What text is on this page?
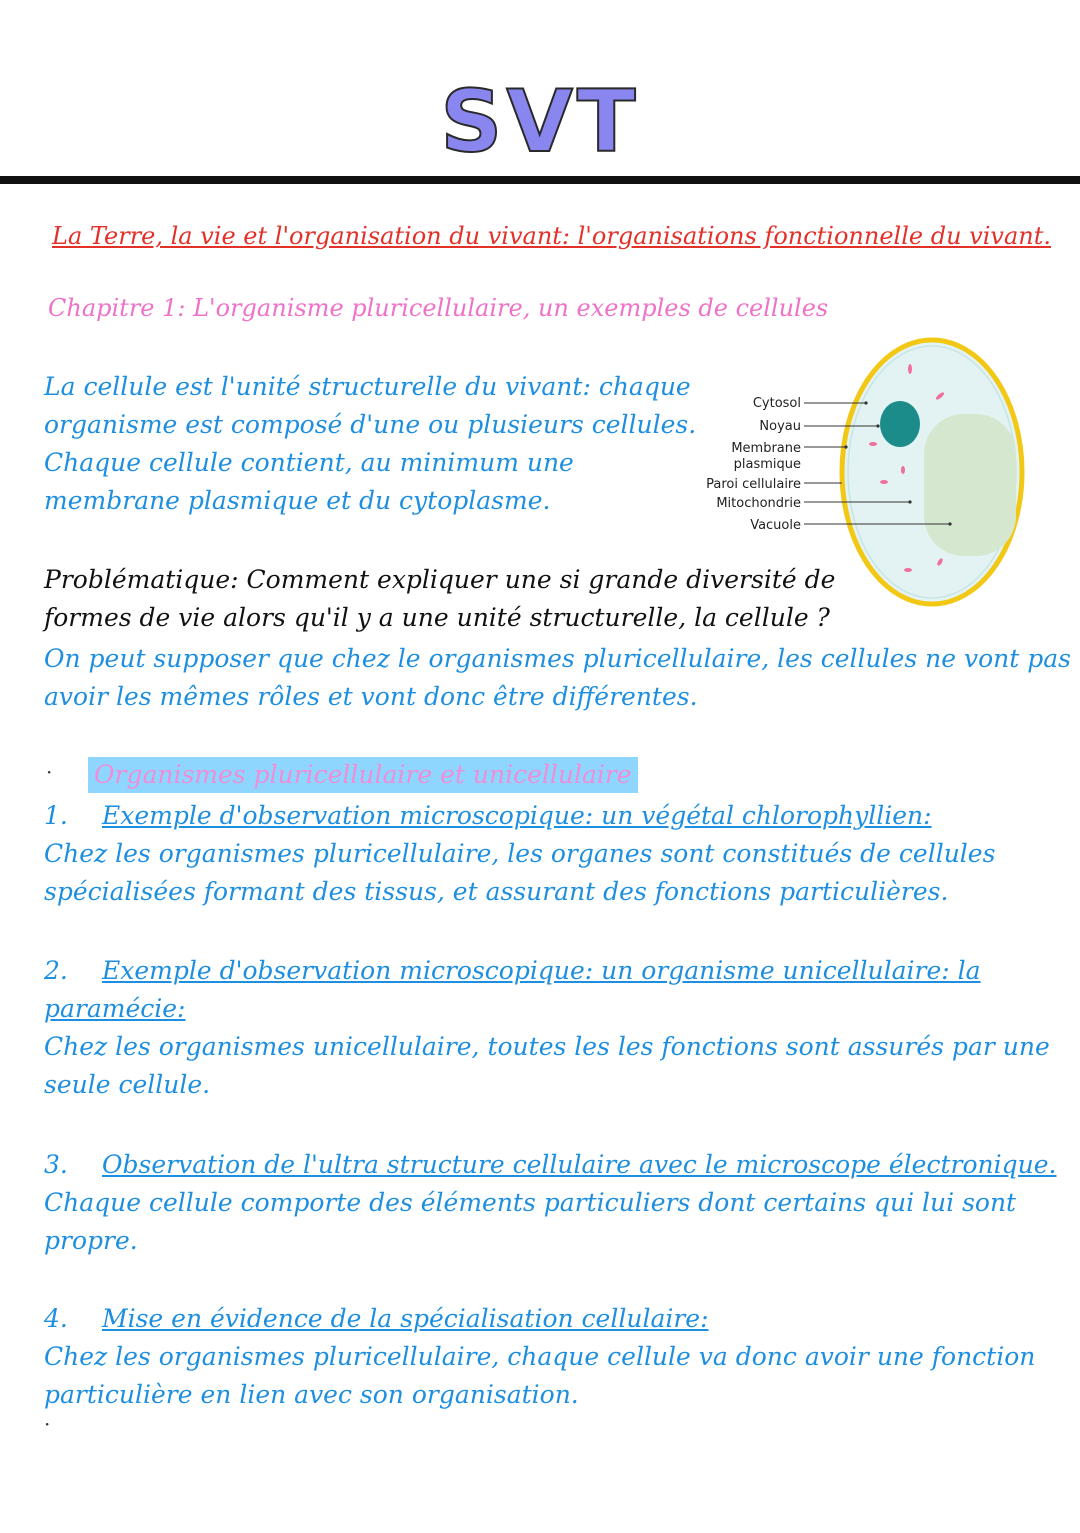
SVT
La Terre, la vie et l'organisation du vivant: l'organisations fonctionnelle du vivant.
Chapitre 1: L'organisme pluricellulaire, un exemples de cellules
La cellule est l'unité structurelle du vivant: chaque
organisme est composé d'une ou plusieurs cellules.
Chaque cellule contient, au minimum une
membrane plasmique et du cytoplasme.
Cytosol
Noyau
Membrane
plasmique
Paroi cellulaire
Mitochondrie
Vacuole
Problématique: Comment expliquer une si grande diversité de
formes de vie alors qu'il y a une unité structurelle, la cellule ?
On peut supposer que chez le organismes pluricellulaire, les cellules ne vont pas
avoir les mêmes rôles et vont donc être différentes.
· Organismes pluricellulaire et unicellulaire
1. Exemple d'observation microscopique: un végétal chlorophyllien:
Chez les organismes pluricellulaire, les organes sont constitués de cellules
spécialisées formant des tissus, et assurant des fonctions particulières.
2. Exemple d'observation microscopique: un organisme unicellulaire: la
paramécie:
Chez les organismes unicellulaire, toutes les les fonctions sont assurés par une
seule cellule.
3. Observation de l'ultra structure cellulaire avec le microscope électronique.
Chaque cellule comporte des éléments particuliers dont certains qui lui sont
propre.
4. Mise en évidence de la spécialisation cellulaire:
Chez les organismes pluricellulaire, chaque cellule va donc avoir une fonction
particulière en lien avec son organisation.
·
